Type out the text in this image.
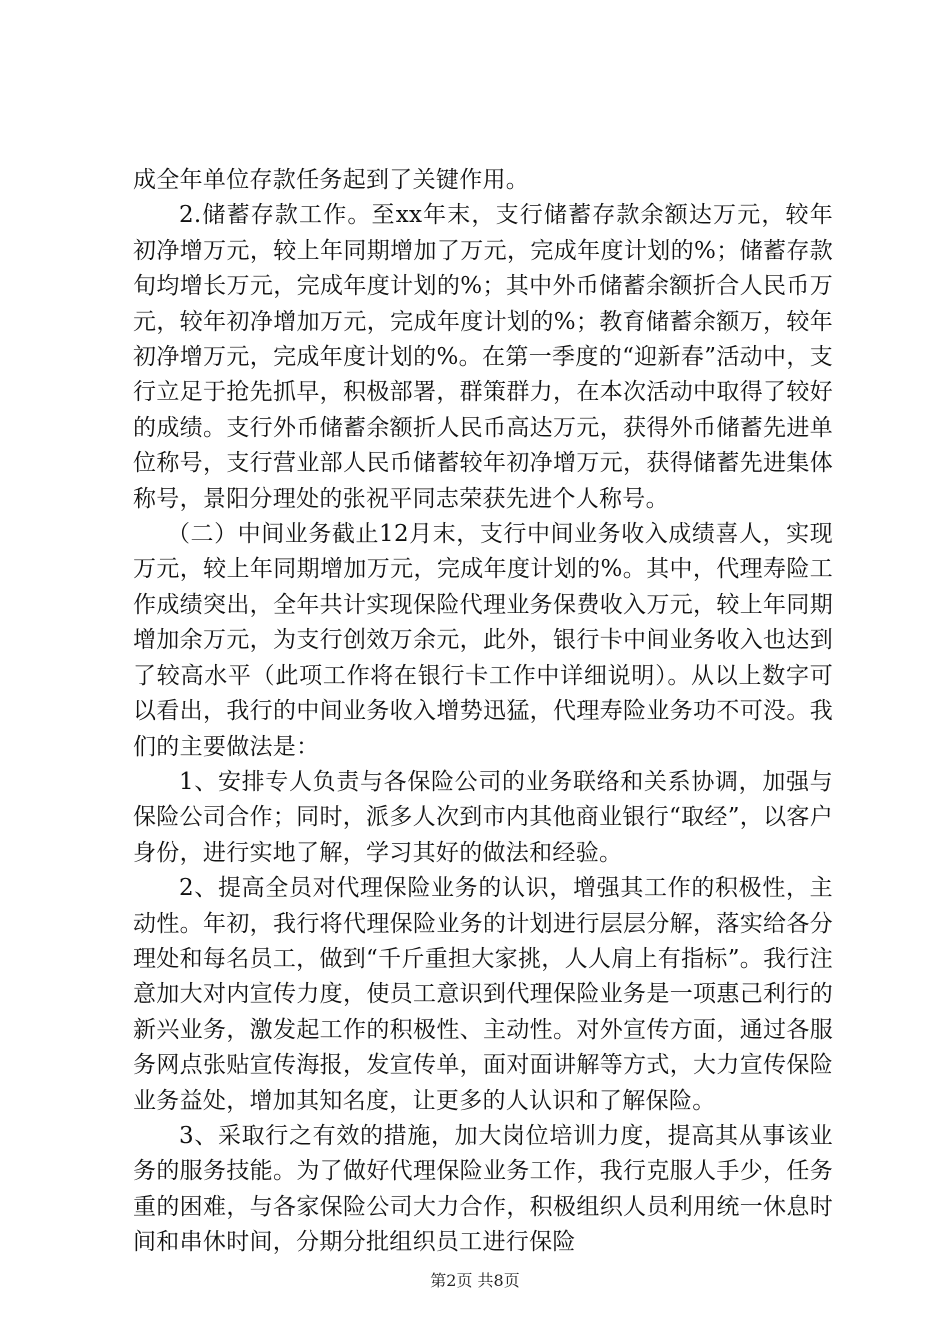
成全年单位存款任务起到了关键作用。

2.储蓄存款工作。至xx年末，支行储蓄存款余额达万元，较年初净增万元，较上年同期增加了万元，完成年度计划的%；储蓄存款旬均增长万元，完成年度计划的%；其中外币储蓄余额折合人民币万元，较年初净增加万元，完成年度计划的%；教育储蓄余额万，较年初净增万元，完成年度计划的%。在第一季度的“迎新春”活动中，支行立足于抢先抓早，积极部署，群策群力，在本次活动中取得了较好的成绩。支行外币储蓄余额折人民币高达万元，获得外币储蓄先进单位称号，支行营业部人民币储蓄较年初净增万元，获得储蓄先进集体称号，景阳分理处的张祝平同志荣获先进个人称号。

（二）中间业务截止12月末，支行中间业务收入成绩喜人，实现万元，较上年同期增加万元，完成年度计划的%。其中，代理寿险工作成绩突出，全年共计实现保险代理业务保费收入万元，较上年同期增加余万元，为支行创效万余元，此外，银行卡中间业务收入也达到了较高水平（此项工作将在银行卡工作中详细说明）。从以上数字可以看出，我行的中间业务收入增势迅猛，代理寿险业务功不可没。我们的主要做法是：

1、安排专人负责与各保险公司的业务联络和关系协调，加强与保险公司合作；同时，派多人次到市内其他商业银行“取经”，以客户身份，进行实地了解，学习其好的做法和经验。

2、提高全员对代理保险业务的认识，增强其工作的积极性，主动性。年初，我行将代理保险业务的计划进行层层分解，落实给各分理处和每名员工，做到“千斤重担大家挑，人人肩上有指标”。我行注意加大对内宣传力度，使员工意识到代理保险业务是一项惠己利行的新兴业务，激发起工作的积极性、主动性。对外宣传方面，通过各服务网点张贴宣传海报，发宣传单，面对面讲解等方式，大力宣传保险业务益处，增加其知名度，让更多的人认识和了解保险。

3、采取行之有效的措施，加大岗位培训力度，提高其从事该业务的服务技能。为了做好代理保险业务工作，我行克服人手少，任务重的困难，与各家保险公司大力合作，积极组织人员利用统一休息时间和串休时间，分期分批组织员工进行保险

第2页 共8页
